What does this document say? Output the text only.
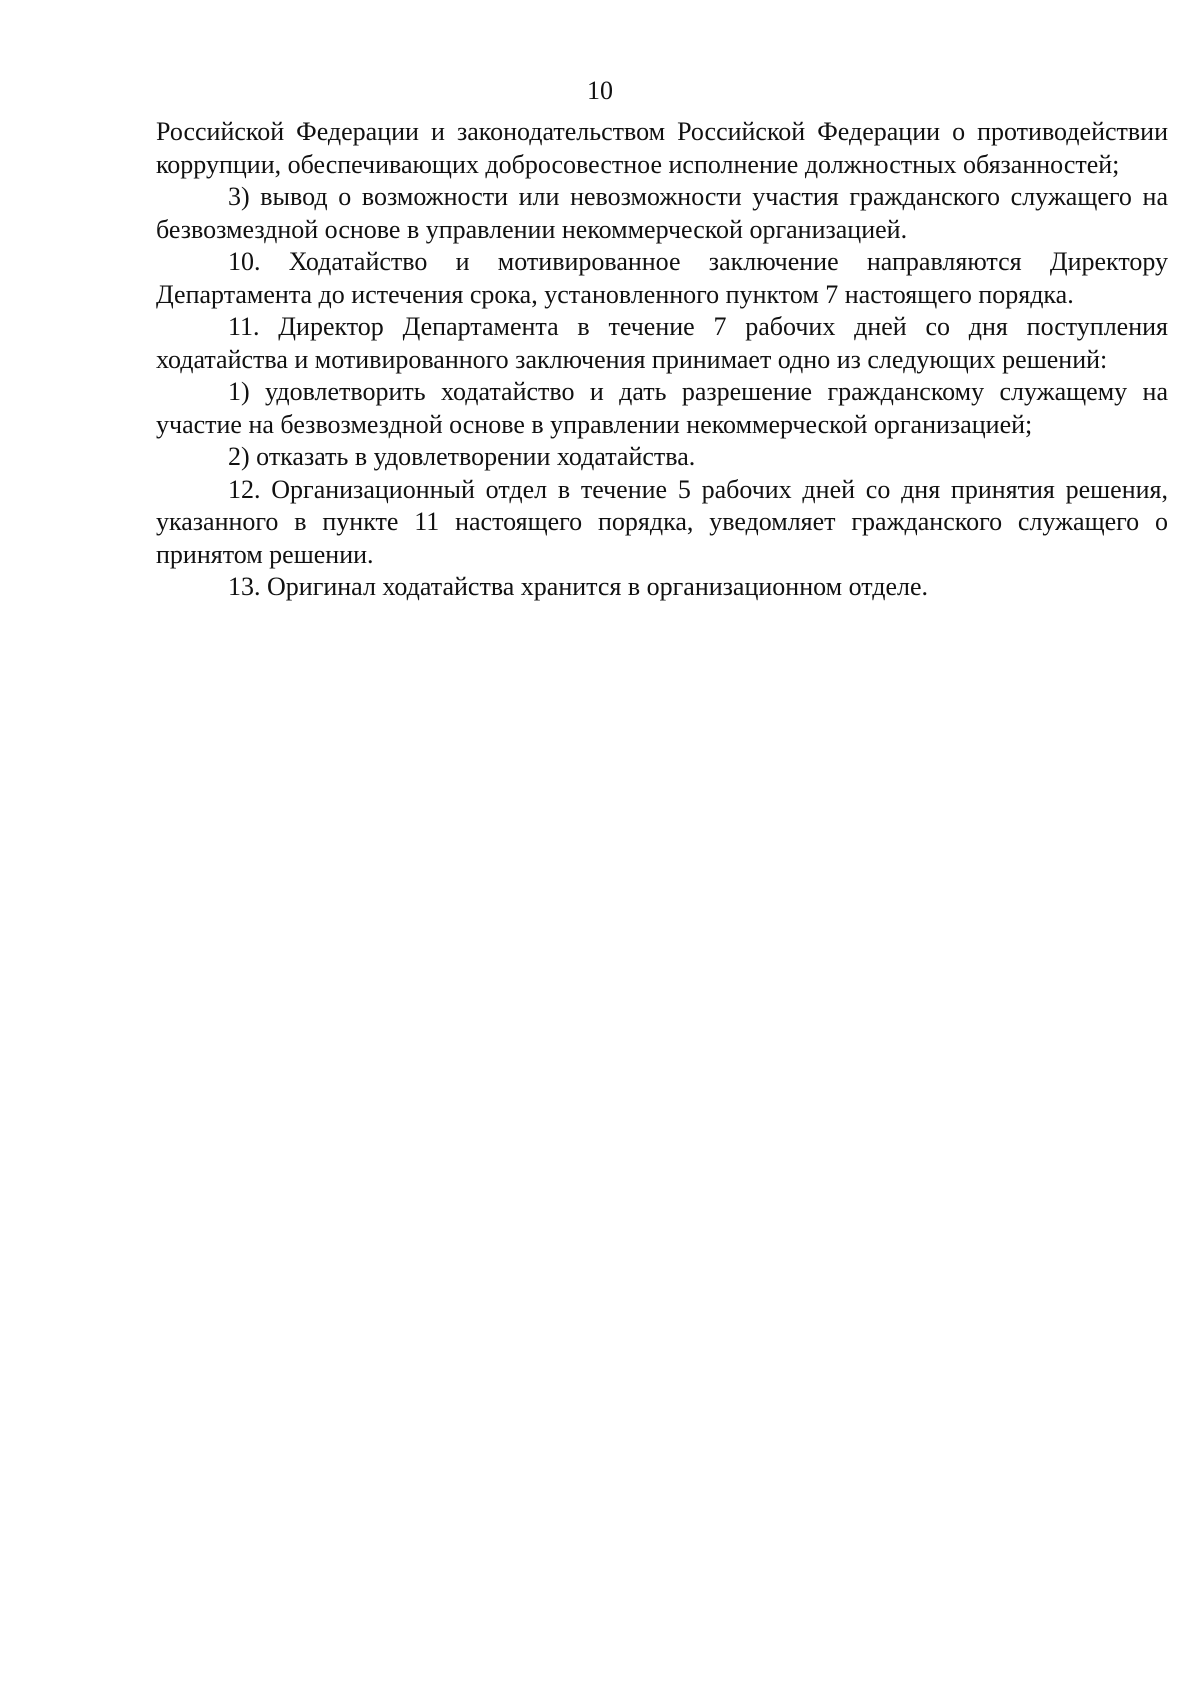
10

Российской Федерации и законодательством Российской Федерации о противодействии коррупции, обеспечивающих добросовестное исполнение должностных обязанностей;

3) вывод о возможности или невозможности участия гражданского служащего на безвозмездной основе в управлении некоммерческой организацией.

10. Ходатайство и мотивированное заключение направляются Директору Департамента до истечения срока, установленного пунктом 7 настоящего порядка.

11. Директор Департамента в течение 7 рабочих дней со дня поступления ходатайства и мотивированного заключения принимает одно из следующих решений:

1) удовлетворить ходатайство и дать разрешение гражданскому служащему на участие на безвозмездной основе в управлении некоммерческой организацией;

2) отказать в удовлетворении ходатайства.

12. Организационный отдел в течение 5 рабочих дней со дня принятия решения, указанного в пункте 11 настоящего порядка, уведомляет гражданского служащего о принятом решении.

13. Оригинал ходатайства хранится в организационном отделе.
